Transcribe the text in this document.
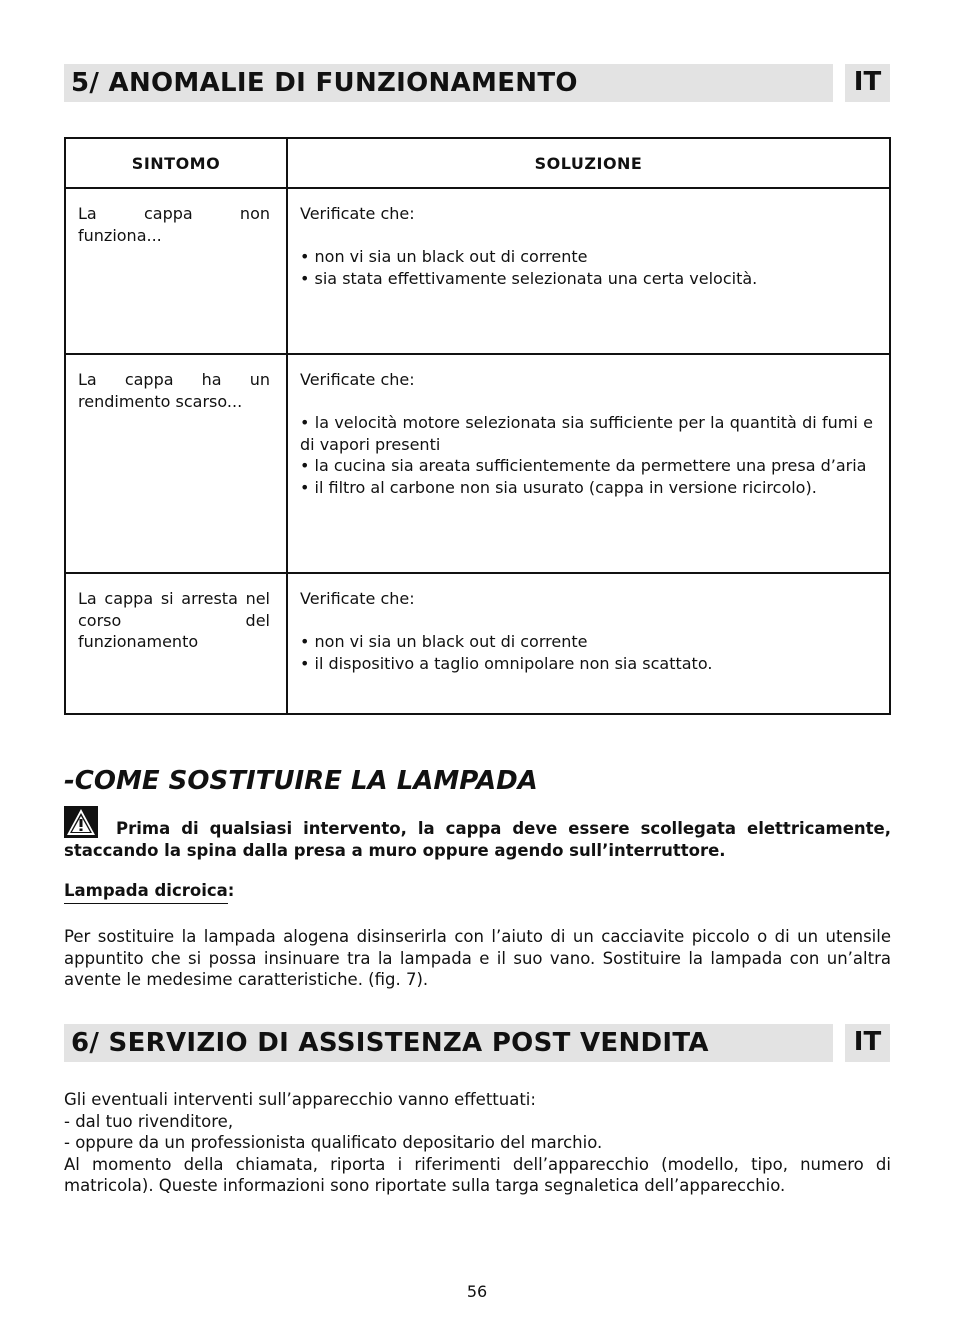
5/ ANOMALIE DI FUNZIONAMENTO	IT
SINTOMO	SOLUZIONE

La cappa non funziona...	Verificate che:
• non vi sia un black out di corrente
• sia stata effettivamente selezionata una certa velocità.

La cappa ha un rendimento scarso...	Verificate che:
• la velocità motore selezionata sia sufficiente per la quantità di fumi e di vapori presenti
• la cucina sia areata sufficientemente da permettere una presa d’aria
• il filtro al carbone non sia usurato (cappa in versione ricircolo).

La cappa si arresta nel corso del funzionamento	Verificate che:
• non vi sia un black out di corrente
• il dispositivo a taglio omnipolare non sia scattato.
-COME SOSTITUIRE LA LAMPADA
Prima di qualsiasi intervento, la cappa deve essere scollegata elettricamente, staccando la spina dalla presa a muro oppure agendo sull’interruttore.
Lampada dicroica:
Per sostituire la lampada alogena disinserirla con l’aiuto di un cacciavite piccolo o di un utensile appuntito che si possa insinuare tra la lampada e il suo vano. Sostituire la lampada con un’altra avente le medesime caratteristiche. (fig. 7).
6/ SERVIZIO DI ASSISTENZA POST VENDITA	IT
Gli eventuali interventi sull’apparecchio vanno effettuati:
- dal tuo rivenditore,
- oppure da un professionista qualificato depositario del marchio.
Al momento della chiamata, riporta i riferimenti dell’apparecchio (modello, tipo, numero di matricola). Queste informazioni sono riportate sulla targa segnaletica dell’apparecchio.
56
